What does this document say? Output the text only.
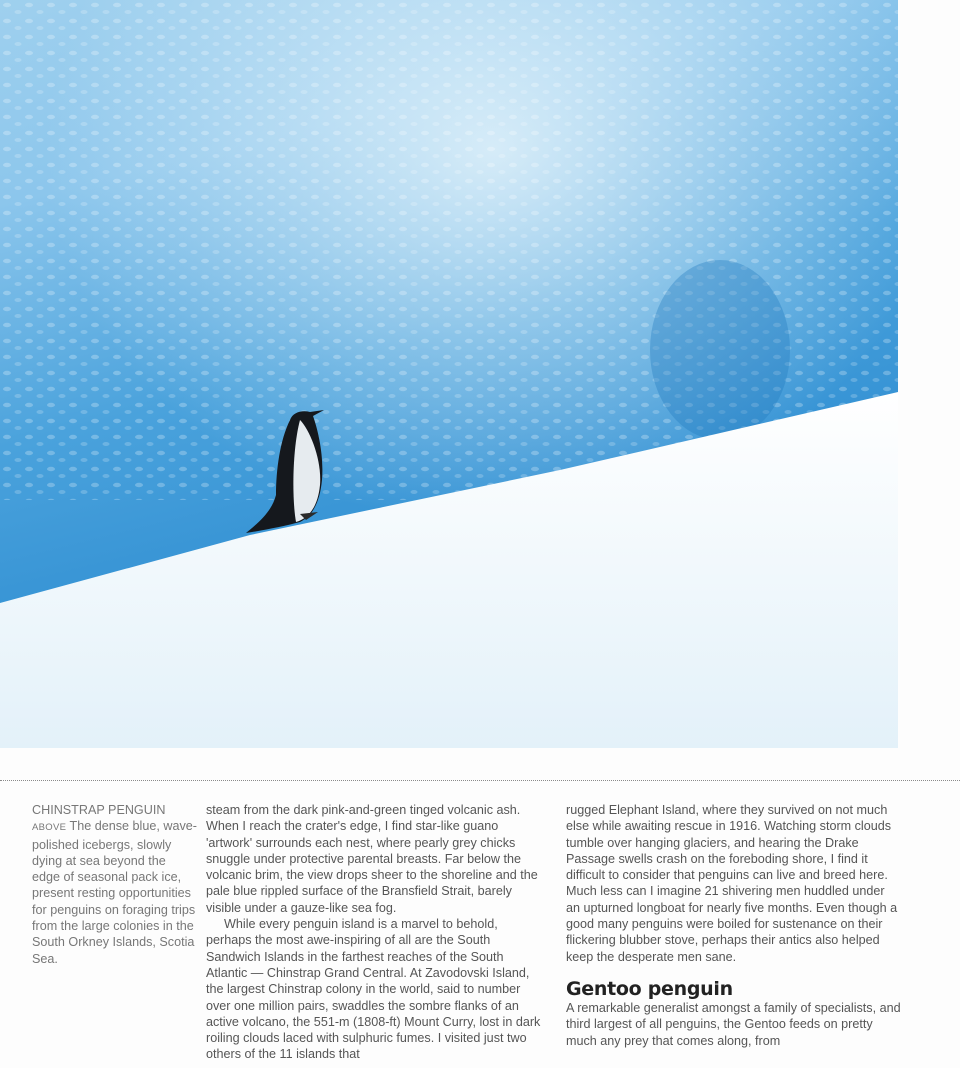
CHINSTRAP PENGUIN
ABOVE The dense blue, wave-polished icebergs, slowly dying at sea beyond the edge of seasonal pack ice, present resting opportunities for penguins on foraging trips from the large colonies in the South Orkney Islands, Scotia Sea.

steam from the dark pink-and-green tinged volcanic ash. When I reach the crater's edge, I find star-like guano 'artwork' surrounds each nest, where pearly grey chicks snuggle under protective parental breasts. Far below the volcanic brim, the view drops sheer to the shoreline and the pale blue rippled surface of the Bransfield Strait, barely visible under a gauze-like sea fog.

While every penguin island is a marvel to behold, perhaps the most awe-inspiring of all are the South Sandwich Islands in the farthest reaches of the South Atlantic — Chinstrap Grand Central. At Zavodovski Island, the largest Chinstrap colony in the world, said to number over one million pairs, swaddles the sombre flanks of an active volcano, the 551-m (1808-ft) Mount Curry, lost in dark roiling clouds laced with sulphuric fumes. I visited just two others of the 11 islands that

rugged Elephant Island, where they survived on not much else while awaiting rescue in 1916. Watching storm clouds tumble over hanging glaciers, and hearing the Drake Passage swells crash on the foreboding shore, I find it difficult to consider that penguins can live and breed here. Much less can I imagine 21 shivering men huddled under an upturned longboat for nearly five months. Even though a good many penguins were boiled for sustenance on their flickering blubber stove, perhaps their antics also helped keep the desperate men sane.

Gentoo penguin

A remarkable generalist amongst a family of specialists, and third largest of all penguins, the Gentoo feeds on pretty much any prey that comes along, from
